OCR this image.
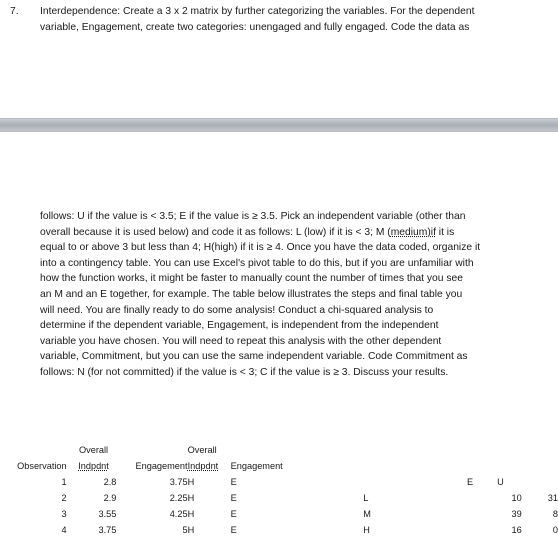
7. Interdependence: Create a 3 x 2 matrix by further categorizing the variables. For the dependent
variable, Engagement, create two categories: unengaged and fully engaged. Code the data as
follows: U if the value is < 3.5; E if the value is ≥ 3.5. Pick an independent variable (other than
overall because it is used below) and code it as follows: L (low) if it is < 3; M (medium)if it is
equal to or above 3 but less than 4; H(high) if it is ≥ 4. Once you have the data coded, organize it
into a contingency table. You can use Excel's pivot table to do this, but if you are unfamiliar with
how the function works, it might be faster to manually count the number of times that you see
an M and an E together, for example. The table below illustrates the steps and final table you
will need. You are finally ready to do some analysis! Conduct a chi-squared analysis to
determine if the dependent variable, Engagement, is independent from the independent
variable you have chosen. You will need to repeat this analysis with the other dependent
variable, Commitment, but you can use the same independent variable. Code Commitment as
follows: N (for not committed) if the value is < 3; C if the value is ≥ 3. Discuss your results.
	Overall		Overall						
Observation	Indpdnt	Engagement	Indpdnt	Engagement					
1	2.8	3.75	H	E			E	U	
2	2.9	2.25	H	E		L		10	31
3	3.55	4.25	H	E		M		39	8
4	3.75	5	H	E		H		16	0
